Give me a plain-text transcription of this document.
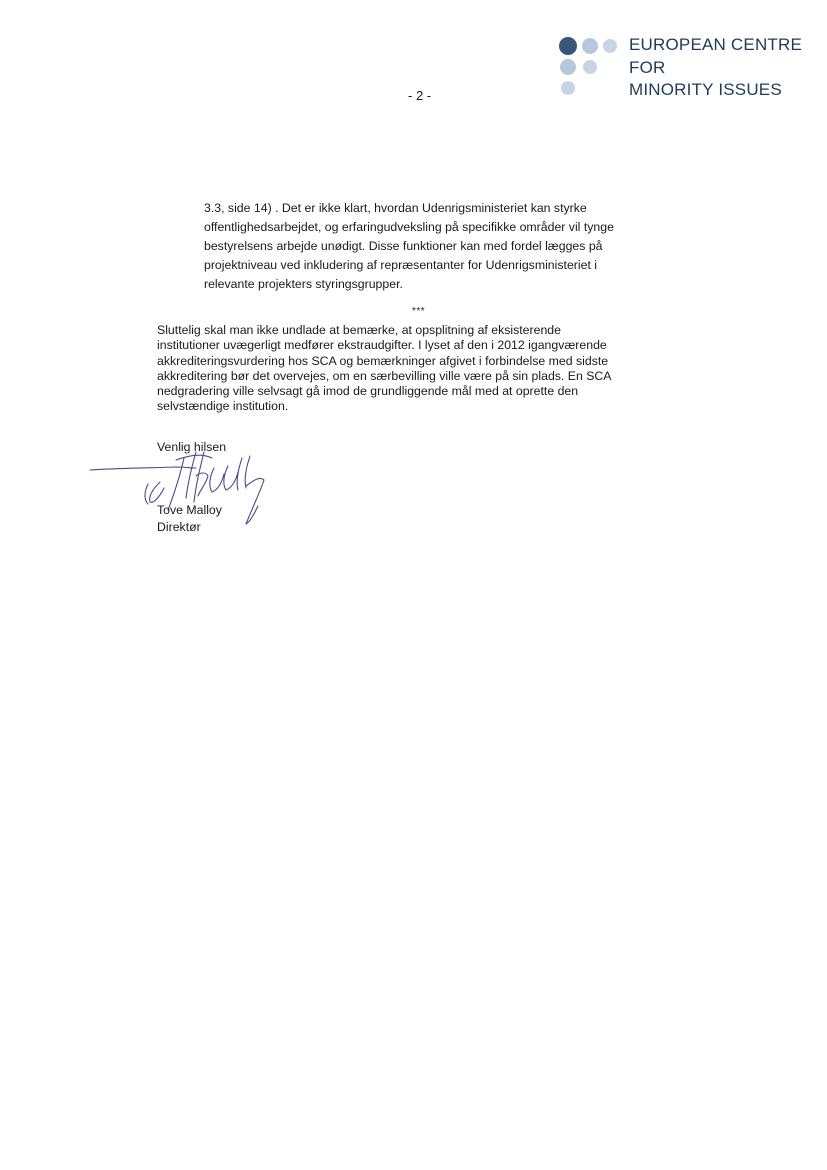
EUROPEAN CENTRE
FOR
MINORITY ISSUES
- 2 -
3.3, side 14) . Det er ikke klart, hvordan Udenrigsministeriet kan styrke
offentlighedsarbejdet, og erfaringudveksling på specifikke områder vil tynge
bestyrelsens arbejde unødigt. Disse funktioner kan med fordel lægges på
projektniveau ved inkludering af repræsentanter for Udenrigsministeriet i
relevante projekters styringsgrupper.
***
Sluttelig skal man ikke undlade at bemærke, at opsplitning af eksisterende
institutioner uvægerligt medfører ekstraudgifter. I lyset af den i 2012 igangværende
akkrediteringsvurdering hos SCA og bemærkninger afgivet i forbindelse med sidste
akkreditering bør det overvejes, om en særbevilling ville være på sin plads. En SCA
nedgradering ville selvsagt gå imod de grundliggende mål med at oprette den
selvstændige institution.
Venlig hilsen
Tove Malloy
Direktør
